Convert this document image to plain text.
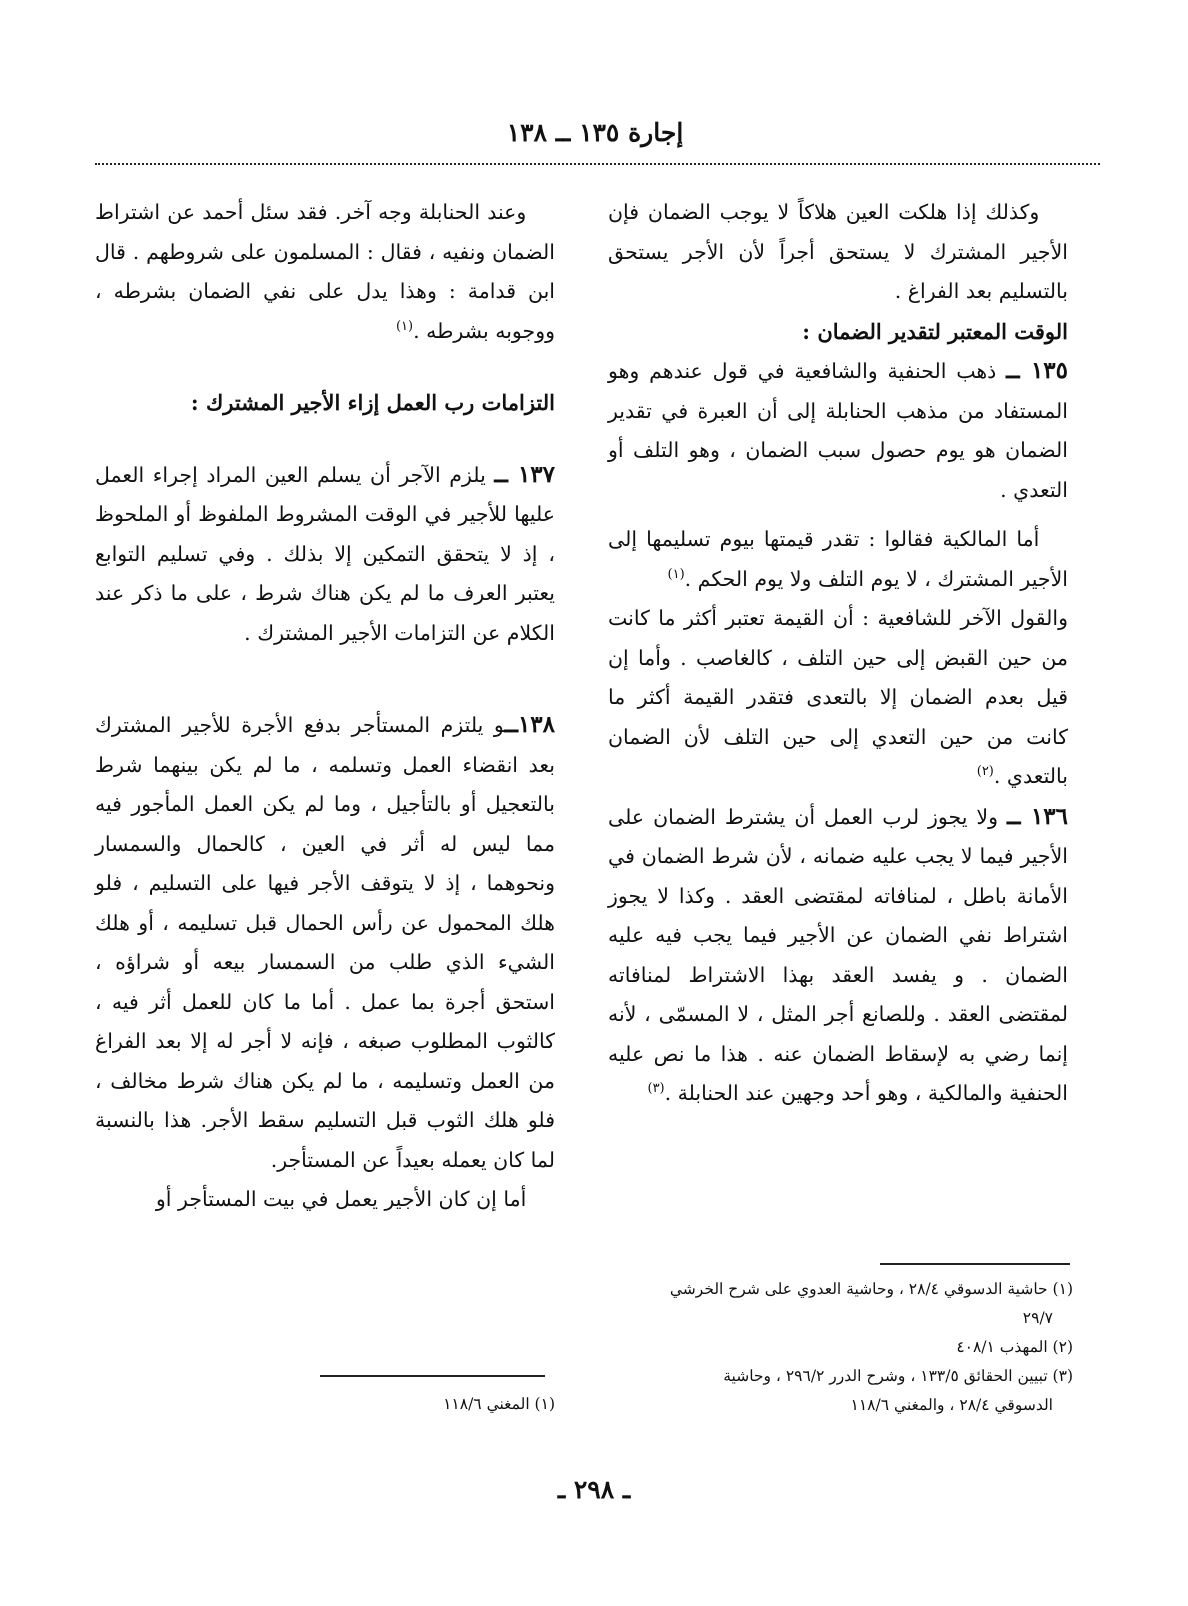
إجارة ١٣٥ ــ ١٣٨

وكذلك إذا هلكت العين هلاكاً لا يوجب الضمان فإن الأجير المشترك لا يستحق أجراً لأن الأجر يستحق بالتسليم بعد الفراغ .

الوقت المعتبر لتقدير الضمان :

١٣٥ ــ ذهب الحنفية والشافعية في قول عندهم وهو المستفاد من مذهب الحنابلة إلى أن العبرة في تقدير الضمان هو يوم حصول سبب الضمان ، وهو التلف أو التعدي .

أما المالكية فقالوا : تقدر قيمتها بيوم تسليمها إلى الأجير المشترك ، لا يوم التلف ولا يوم الحكم .$^{(١)}$

والقول الآخر للشافعية : أن القيمة تعتبر أكثر ما كانت من حين القبض إلى حين التلف ، كالغاصب . وأما إن قيل بعدم الضمان إلا بالتعدى فتقدر القيمة أكثر ما كانت من حين التعدي إلى حين التلف لأن الضمان بالتعدي .$^{(٢)}$

١٣٦ ــ ولا يجوز لرب العمل أن يشترط الضمان على الأجير فيما لا يجب عليه ضمانه ، لأن شرط الضمان في الأمانة باطل ، لمنافاته لمقتضى العقد . وكذا لا يجوز اشتراط نفي الضمان عن الأجير فيما يجب فيه عليه الضمان . و يفسد العقد بهذا الاشتراط لمنافاته لمقتضى العقد . وللصانع أجر المثل ، لا المسمّى ، لأنه إنما رضي به لإسقاط الضمان عنه . هذا ما نص عليه الحنفية والمالكية ، وهو أحد وجهين عند الحنابلة .$^{(٣)}$

وعند الحنابلة وجه آخر. فقد سئل أحمد عن اشتراط الضمان ونفيه ، فقال : المسلمون على شروطهم . قال ابن قدامة : وهذا يدل على نفي الضمان بشرطه ، ووجوبه بشرطه .$^{(١)}$

التزامات رب العمل إزاء الأجير المشترك :

١٣٧ ــ يلزم الآجر أن يسلم العين المراد إجراء العمل عليها للأجير في الوقت المشروط الملفوظ أو الملحوظ ، إذ لا يتحقق التمكين إلا بذلك . وفي تسليم التوابع يعتبر العرف ما لم يكن هناك شرط ، على ما ذكر عند الكلام عن التزامات الأجير المشترك .

١٣٨ــو يلتزم المستأجر بدفع الأجرة للأجير المشترك بعد انقضاء العمل وتسلمه ، ما لم يكن بينهما شرط بالتعجيل أو بالتأجيل ، وما لم يكن العمل المأجور فيه مما ليس له أثر في العين ، كالحمال والسمسار ونحوهما ، إذ لا يتوقف الأجر فيها على التسليم ، فلو هلك المحمول عن رأس الحمال قبل تسليمه ، أو هلك الشيء الذي طلب من السمسار بيعه أو شراؤه ، استحق أجرة بما عمل . أما ما كان للعمل أثر فيه ، كالثوب المطلوب صبغه ، فإنه لا أجر له إلا بعد الفراغ من العمل وتسليمه ، ما لم يكن هناك شرط مخالف ، فلو هلك الثوب قبل التسليم سقط الأجر. هذا بالنسبة لما كان يعمله بعيداً عن المستأجر.

أما إن كان الأجير يعمل في بيت المستأجر أو

(١) حاشية الدسوقي ٢٨/٤ ، وحاشية العدوي على شرح الخرشي

٢٩/٧

(٢) المهذب ٤٠٨/١

(٣) تبيين الحقائق ١٣٣/٥ ، وشرح الدرر ٢٩٦/٢ ، وحاشية

الدسوقي ٢٨/٤ ، والمغني ١١٨/٦

(١) المغني ١١٨/٦

ـ ٢٩٨ ـ
